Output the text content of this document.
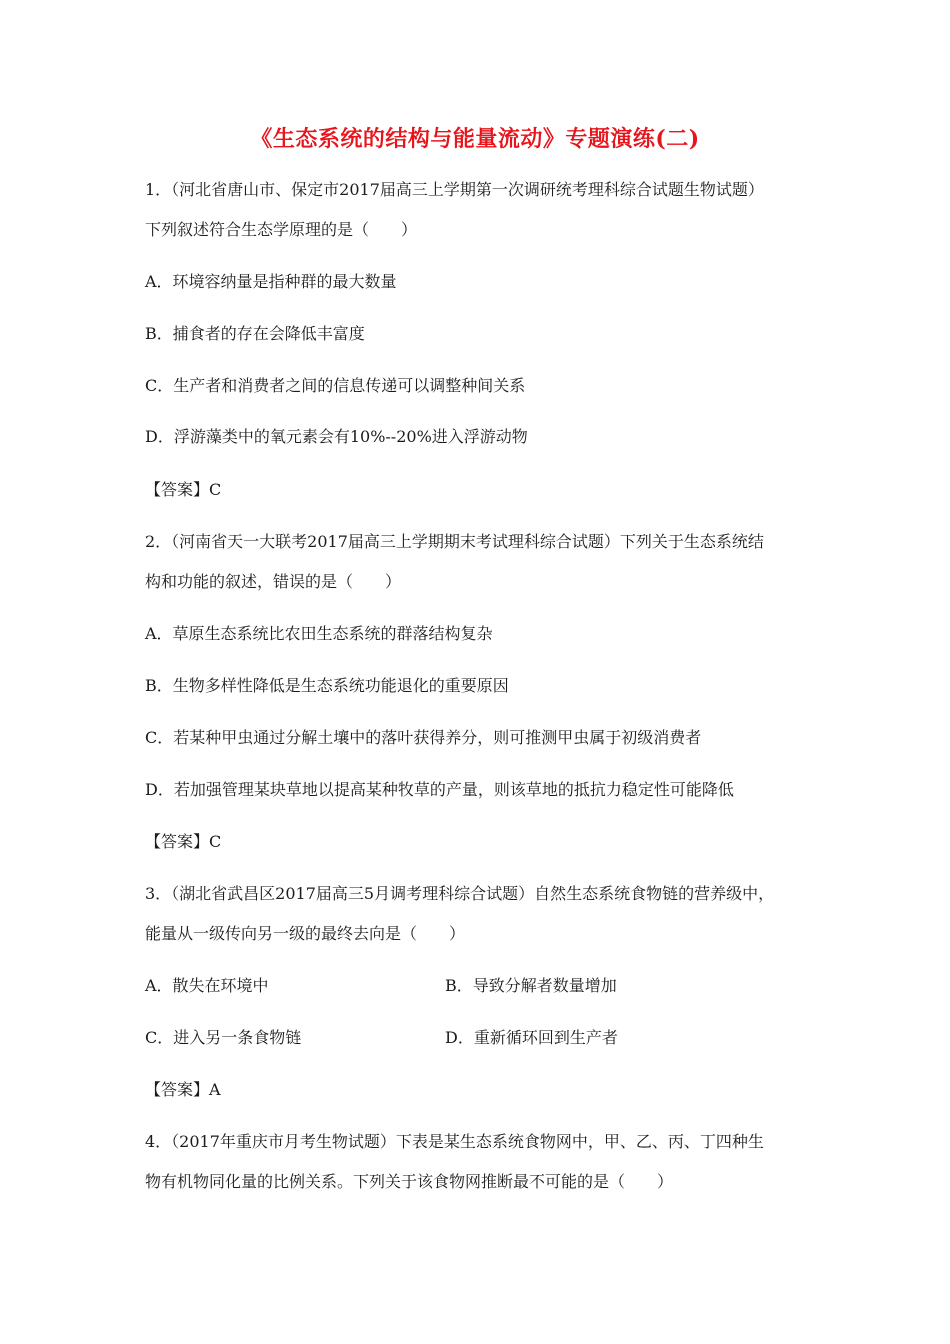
《生态系统的结构与能量流动》专题演练(二)
1．（河北省唐山市、保定市2017届高三上学期第一次调研统考理科综合试题生物试题）
下列叙述符合生态学原理的是（　　）
A．环境容纳量是指种群的最大数量
B．捕食者的存在会降低丰富度
C．生产者和消费者之间的信息传递可以调整种间关系
D．浮游藻类中的氧元素会有10%--20%进入浮游动物
【答案】C
2．（河南省天一大联考2017届高三上学期期末考试理科综合试题）下列关于生态系统结
构和功能的叙述，错误的是（　　）
A．草原生态系统比农田生态系统的群落结构复杂
B．生物多样性降低是生态系统功能退化的重要原因
C．若某种甲虫通过分解土壤中的落叶获得养分，则可推测甲虫属于初级消费者
D．若加强管理某块草地以提高某种牧草的产量，则该草地的抵抗力稳定性可能降低
【答案】C
3．（湖北省武昌区2017届高三5月调考理科综合试题）自然生态系统食物链的营养级中，
能量从一级传向另一级的最终去向是（　　）
A．散失在环境中	B．导致分解者数量增加
C．进入另一条食物链	D．重新循环回到生产者
【答案】A
4．（2017年重庆市月考生物试题）下表是某生态系统食物网中，甲、乙、丙、丁四种生
物有机物同化量的比例关系。下列关于该食物网推断最不可能的是（　　）
